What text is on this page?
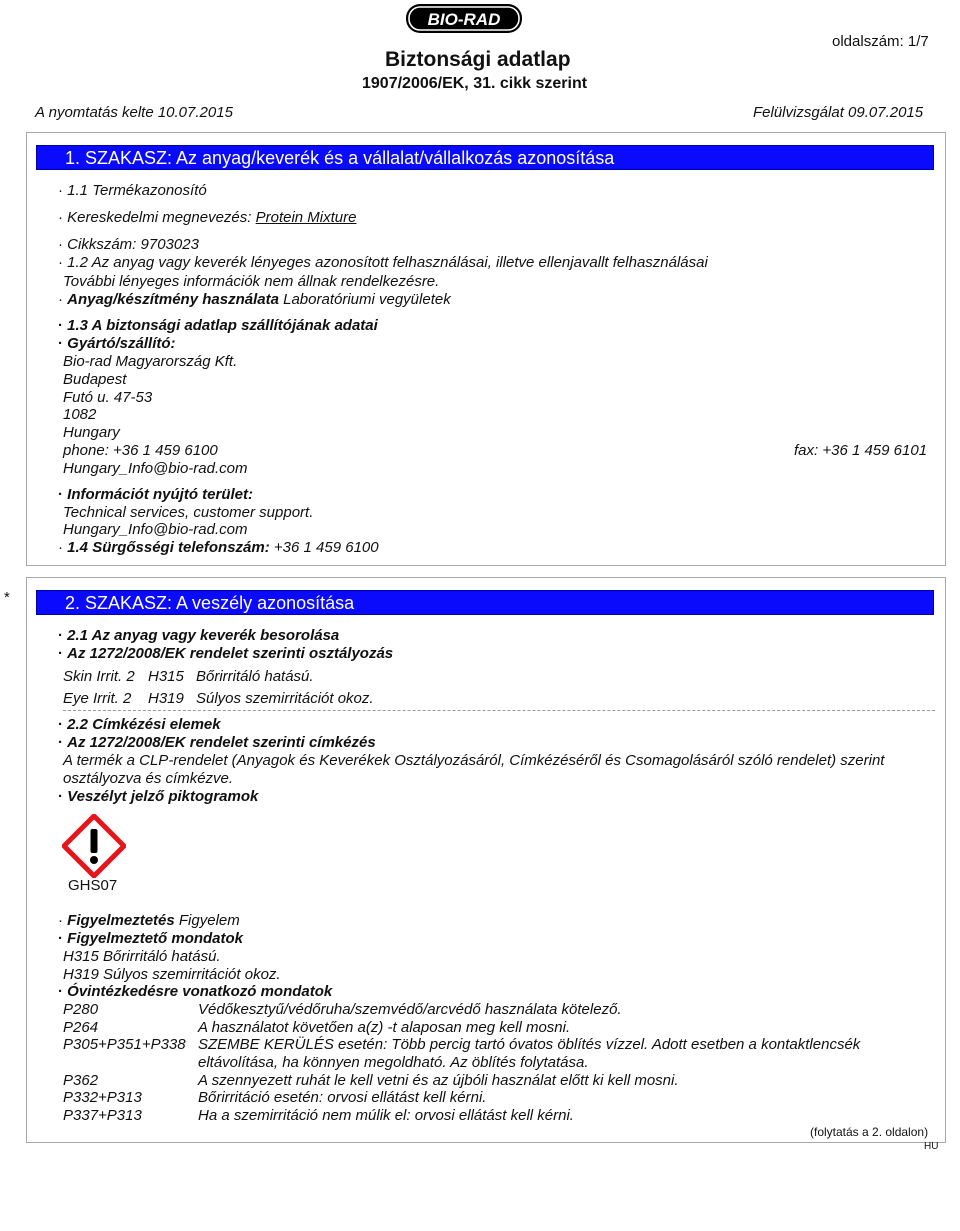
BIO-RAD
Biztonsági adatlap
1907/2006/EK, 31. cikk szerint
oldalszám: 1/7
A nyomtatás kelte 10.07.2015	Felülvizsgálat 09.07.2015
1. SZAKASZ: Az anyag/keverék és a vállalat/vállalkozás azonosítása
· 1.1 Termékazonosító
· Kereskedelmi megnevezés: Protein Mixture
· Cikkszám: 9703023
· 1.2 Az anyag vagy keverék lényeges azonosított felhasználásai, illetve ellenjavallt felhasználásai
További lényeges információk nem állnak rendelkezésre.
· Anyag/készítmény használata Laboratóriumi vegyületek
· 1.3 A biztonsági adatlap szállítójának adatai
· Gyártó/szállító:
Bio-rad Magyarország Kft.
Budapest
Futó u. 47-53
1082
Hungary
phone: +36 1 459 6100	fax: +36 1 459 6101
Hungary_Info@bio-rad.com
· Információt nyújtó terület:
Technical services, customer support.
Hungary_Info@bio-rad.com
· 1.4 Sürgősségi telefonszám: +36 1 459 6100
*	2. SZAKASZ: A veszély azonosítása
· 2.1 Az anyag vagy keverék besorolása
· Az 1272/2008/EK rendelet szerinti osztályozás
Skin Irrit. 2 H315 Bőrirritáló hatású.
Eye Irrit. 2 H319 Súlyos szemirritációt okoz.
· 2.2 Címkézési elemek
· Az 1272/2008/EK rendelet szerinti címkézés
A termék a CLP-rendelet (Anyagok és Keverékek Osztályozásáról, Címkézéséről és Csomagolásáról szóló rendelet) szerint
osztályozva és címkézve.
· Veszélyt jelző piktogramok
GHS07
· Figyelmeztetés Figyelem
· Figyelmeztető mondatok
H315 Bőrirritáló hatású.
H319 Súlyos szemirritációt okoz.
· Óvintézkedésre vonatkozó mondatok
P280	Védőkesztyű/védőruha/szemvédő/arcvédő használata kötelező.
P264	A használatot követően a(z) -t alaposan meg kell mosni.
P305+P351+P338 SZEMBE KERÜLÉS esetén: Több percig tartó óvatos öblítés vízzel. Adott esetben a kontaktlencsék
eltávolítása, ha könnyen megoldható. Az öblítés folytatása.
P362	A szennyezett ruhát le kell vetni és az újbóli használat előtt ki kell mosni.
P332+P313	Bőrirritáció esetén: orvosi ellátást kell kérni.
P337+P313	Ha a szemirritáció nem múlik el: orvosi ellátást kell kérni.
(folytatás a 2. oldalon)
HU
